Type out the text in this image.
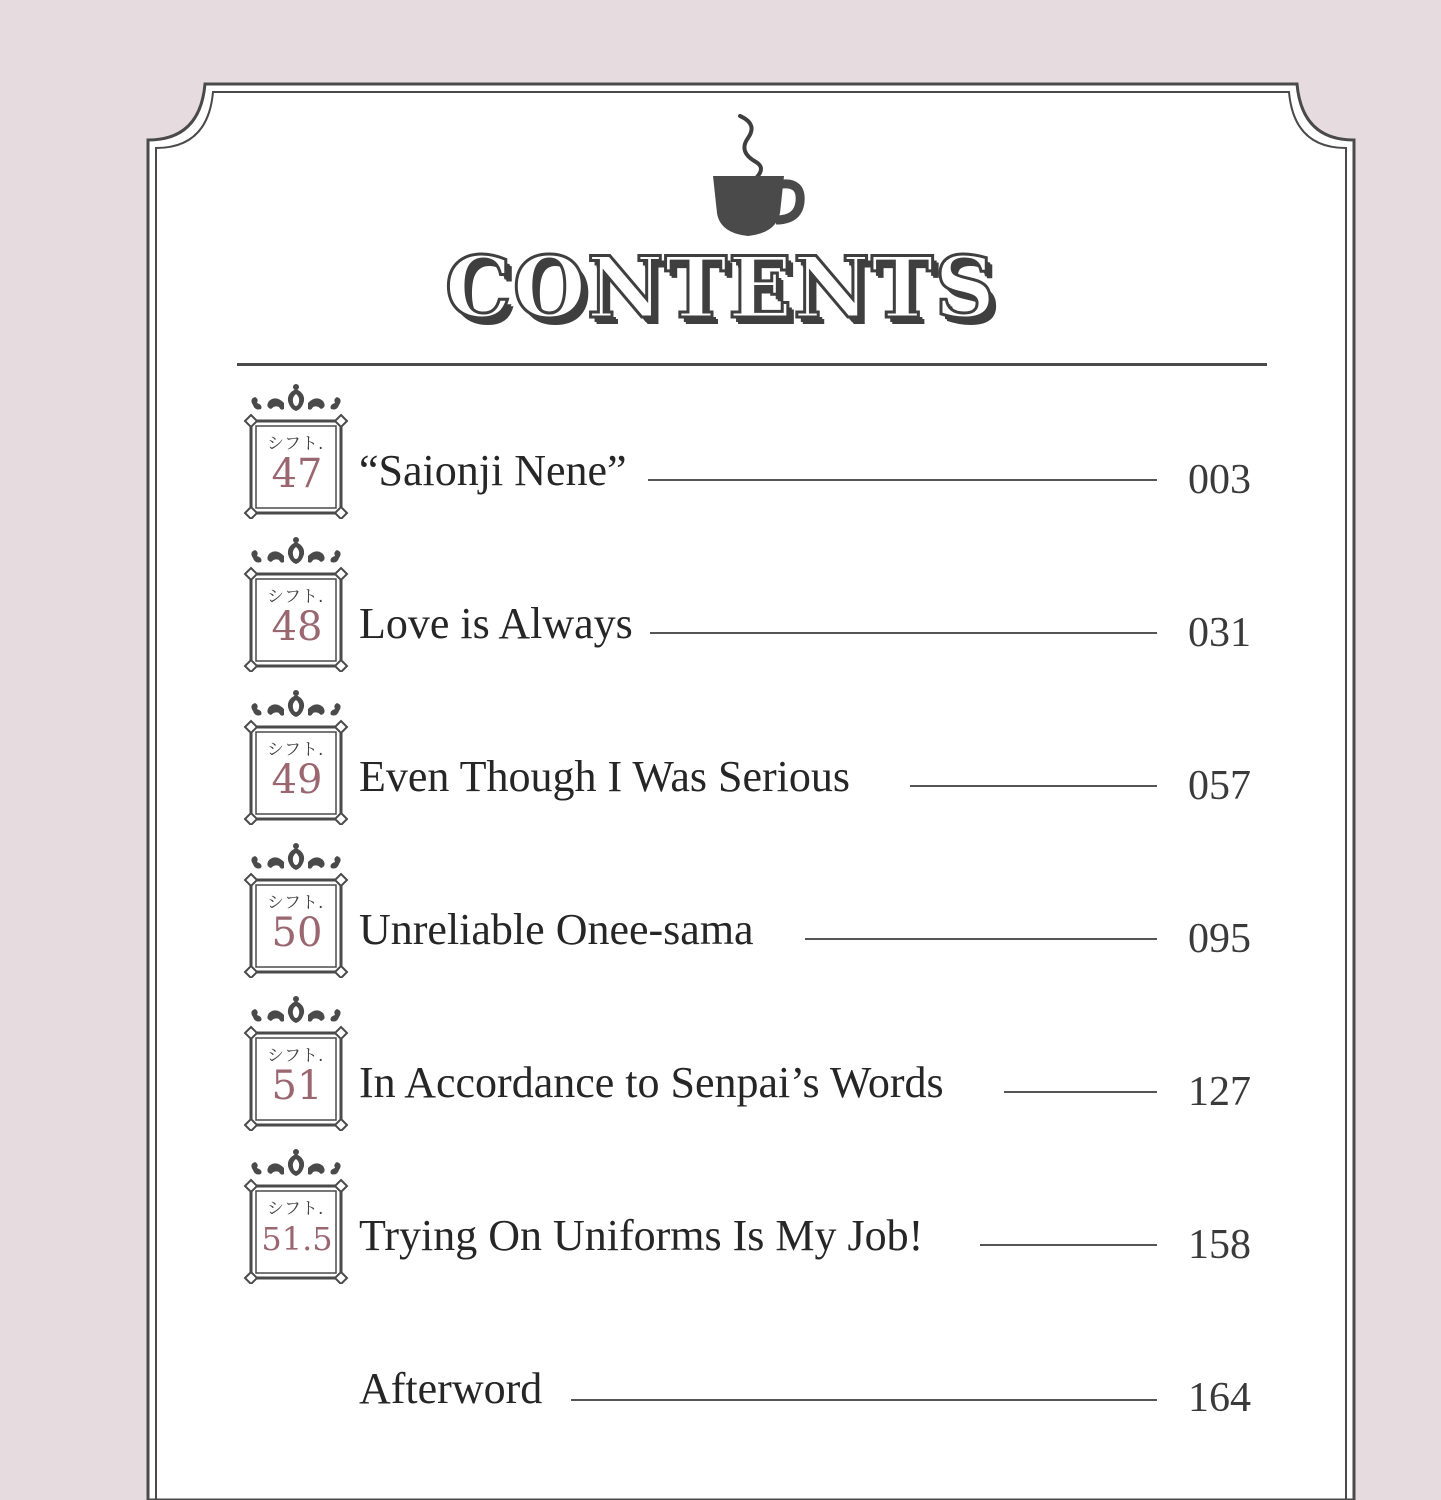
CONTENTS
シフト.
47 “Saionji Nene”	003
シフト.
48 Love is Always	031
シフト.
49 Even Though I Was Serious	057
シフト.
50 Unreliable Onee-sama	095
シフト.
51 In Accordance to Senpai’s Words	127
シフト.
51.5 Trying On Uniforms Is My Job!	158
Afterword	164
